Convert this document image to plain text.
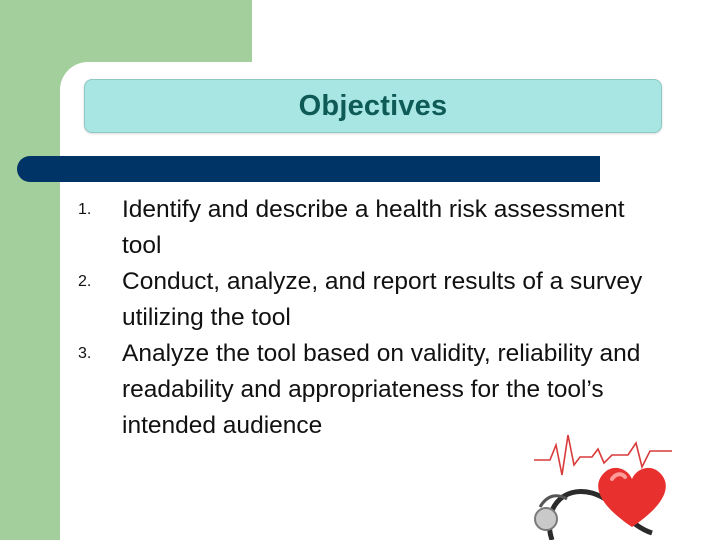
Objectives
1. Identify and describe a health risk assessment tool
2. Conduct, analyze, and report results of a survey utilizing the tool
3. Analyze the tool based on validity, reliability and readability and appropriateness for the tool’s intended audience
